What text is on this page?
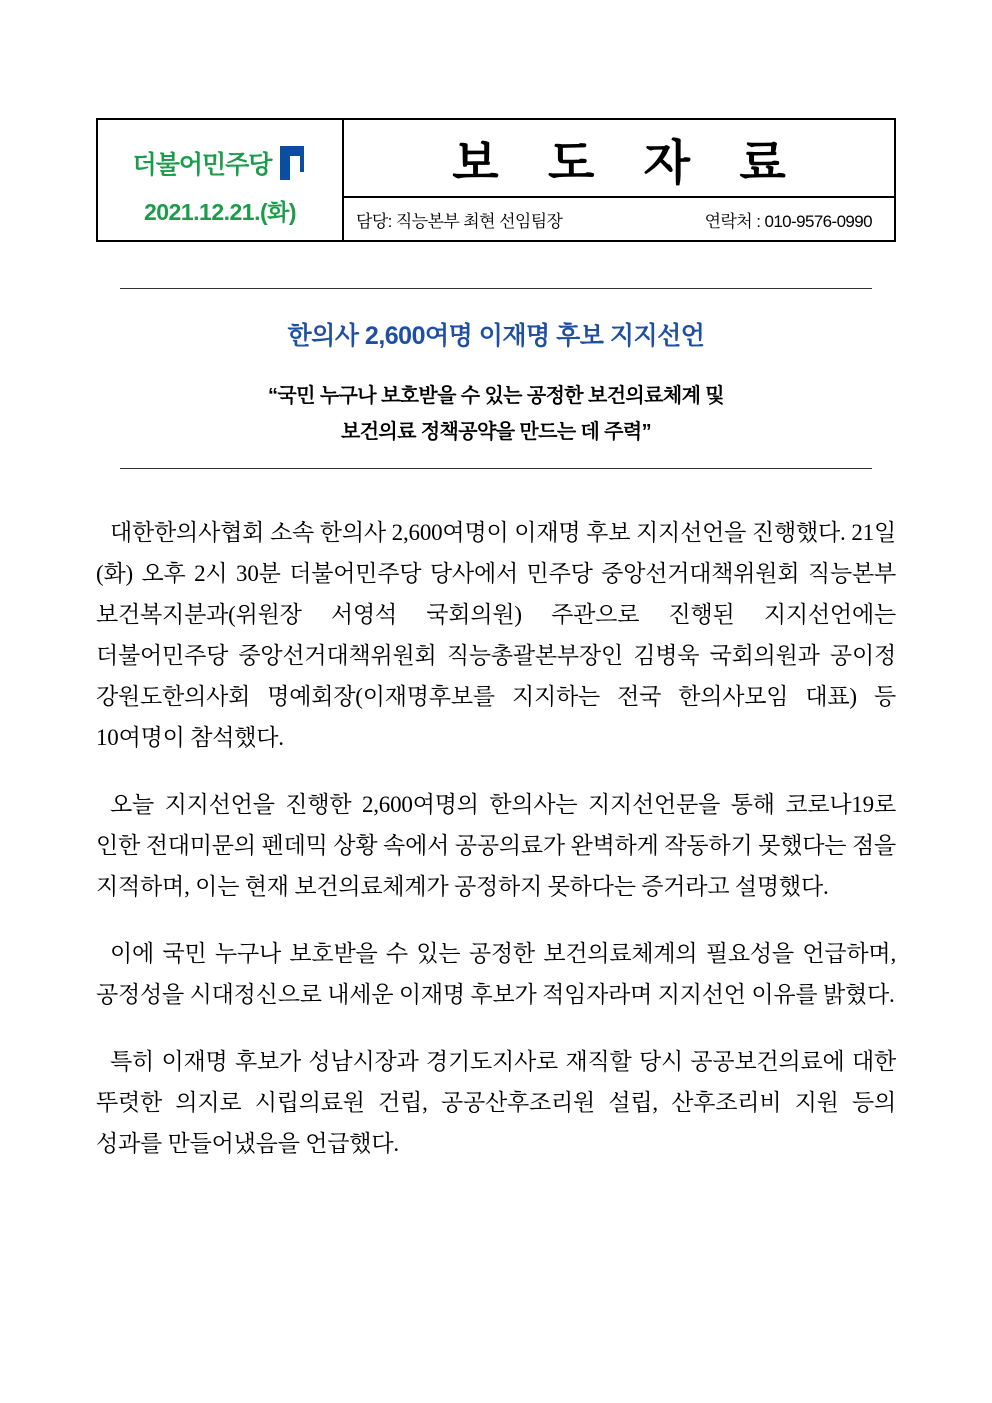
더불어민주당
2021.12.21.(화)
보 도 자 료
담당: 직능본부 최현 선임팀장	연락처 : 010-9576-0990
한의사 2,600여명 이재명 후보 지지선언
“국민 누구나 보호받을 수 있는 공정한 보건의료체계 및
보건의료 정책공약을 만드는 데 주력”

대한한의사협회 소속 한의사 2,600여명이 이재명 후보 지지선언을 진행했다. 21일(화) 오후 2시 30분 더불어민주당 당사에서 민주당 중앙선거대책위원회 직능본부 보건복지분과(위원장 서영석 국회의원) 주관으로 진행된 지지선언에는 더불어민주당 중앙선거대책위원회 직능총괄본부장인 김병욱 국회의원과 공이정 강원도한의사회 명예회장(이재명후보를 지지하는 전국 한의사모임 대표) 등 10여명이 참석했다.

오늘 지지선언을 진행한 2,600여명의 한의사는 지지선언문을 통해 코로나19로 인한 전대미문의 펜데믹 상황 속에서 공공의료가 완벽하게 작동하기 못했다는 점을 지적하며, 이는 현재 보건의료체계가 공정하지 못하다는 증거라고 설명했다.

이에 국민 누구나 보호받을 수 있는 공정한 보건의료체계의 필요성을 언급하며, 공정성을 시대정신으로 내세운 이재명 후보가 적임자라며 지지선언 이유를 밝혔다.

특히 이재명 후보가 성남시장과 경기도지사로 재직할 당시 공공보건의료에 대한 뚜렷한 의지로 시립의료원 건립, 공공산후조리원 설립, 산후조리비 지원 등의 성과를 만들어냈음을 언급했다.
